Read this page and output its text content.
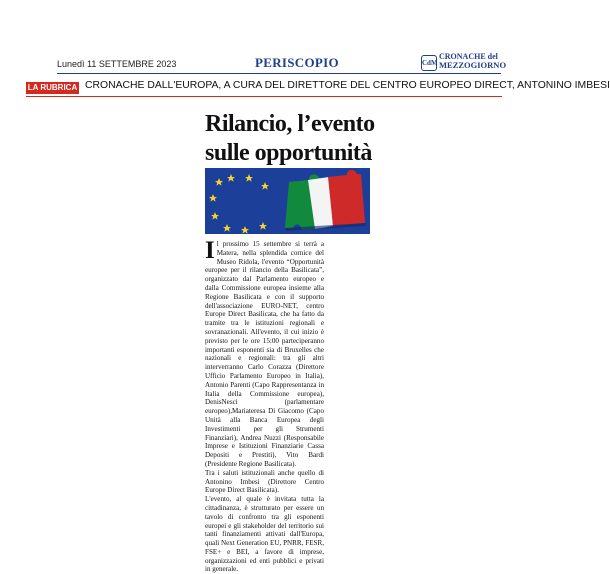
Lunedì 11 SETTEMBRE 2023	PERISCOPIO	CdM
CRONACHE del
MEZZOGIORNO
LA RUBRICA CRONACHE DALL'EUROPA, A CURA DEL DIRETTORE DEL CENTRO EUROPEO DIRECT, ANTONINO IMBESI
Rilancio, l’evento
sulle opportunità
I l prossimo 15 settembre si terrà a Matera, nella splendida cornice del Museo Ridola, l'evento “Opportunità europee per il rilancio della Basilicata”, organizzato dal Parlamento europeo e dalla Commissione europea insieme alla Regione Basilicata e con il supporto dell'associazione EURO-NET, centro Europe Direct Basilicata, che ha fatto da tramite tra le istituzioni regionali e sovranazionali. All'evento, il cui inizio è previsto per le ore 15:00 parteciperanno importanti esponenti sia di Bruxelles che nazionali e regionali: tra gli altri interverranno Carlo Corazza (Direttore Ufficio Parlamento Europeo in Italia), Antonio Parenti (Capo Rappresentanza in Italia della Commissione europea), DenisNesci (parlamentare europeo),Mariateresa Di Giacomo (Capo Unità alla Banca Europea degli Investimenti per gli Strumenti Finanziari), Andrea Nuzzi (Responsabile Imprese e Istituzioni Finanziarie Cassa Depositi e Prestiti), Vito Bardi (Presidente Regione Basilicata).

Tra i saluti istituzionali anche quello di Antonino Imbesi (Direttore Centro Europe Direct Basilicata).

L'evento, al quale è invitata tutta la cittadinanza, è strutturato per essere un tavolo di confronto tra gli esponenti europei e gli stakeholder del territorio sui tanti finanziamenti attivati dall'Europa, quali Next Generation EU, PNRR, FESR, FSE+ e BEI, a favore di imprese, organizzazioni ed enti pubblici e privati in generale.
